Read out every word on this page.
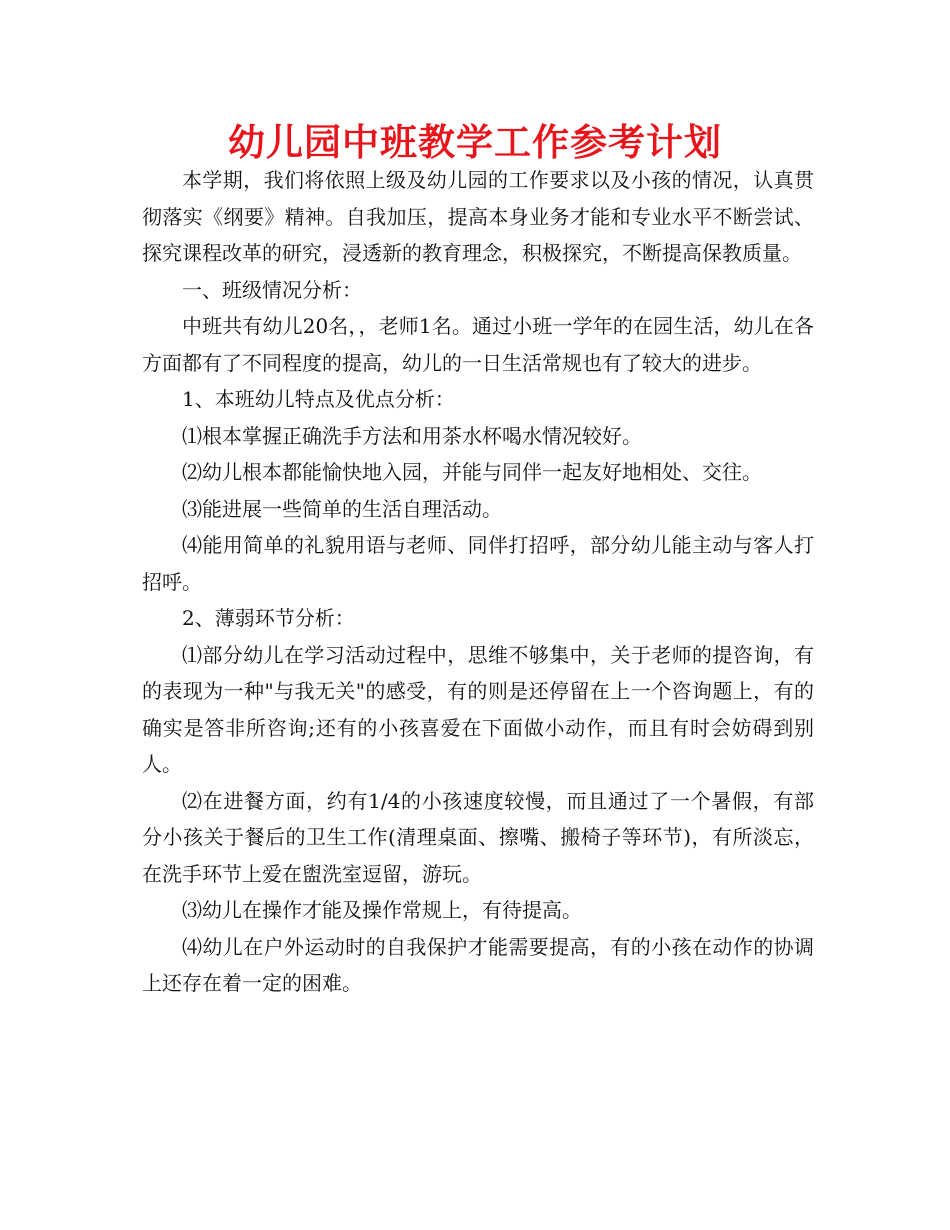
幼儿园中班教学工作参考计划

本学期，我们将依照上级及幼儿园的工作要求以及小孩的情况，认真贯彻落实《纲要》精神。自我加压，提高本身业务才能和专业水平不断尝试、探究课程改革的研究，浸透新的教育理念，积极探究，不断提高保教质量。

一、班级情况分析：

中班共有幼儿20名，，老师1名。通过小班一学年的在园生活，幼儿在各方面都有了不同程度的提高，幼儿的一日生活常规也有了较大的进步。

1、本班幼儿特点及优点分析：

⑴根本掌握正确洗手方法和用茶水杯喝水情况较好。

⑵幼儿根本都能愉快地入园，并能与同伴一起友好地相处、交往。

⑶能进展一些简单的生活自理活动。

⑷能用简单的礼貌用语与老师、同伴打招呼，部分幼儿能主动与客人打招呼。

2、薄弱环节分析：

⑴部分幼儿在学习活动过程中，思维不够集中，关于老师的提咨询，有的表现为一种"与我无关"的感受，有的则是还停留在上一个咨询题上，有的确实是答非所咨询;还有的小孩喜爱在下面做小动作，而且有时会妨碍到别人。

⑵在进餐方面，约有1/4的小孩速度较慢，而且通过了一个暑假，有部分小孩关于餐后的卫生工作(清理桌面、擦嘴、搬椅子等环节)，有所淡忘，在洗手环节上爱在盥洗室逗留，游玩。

⑶幼儿在操作才能及操作常规上，有待提高。

⑷幼儿在户外运动时的自我保护才能需要提高，有的小孩在动作的协调上还存在着一定的困难。
